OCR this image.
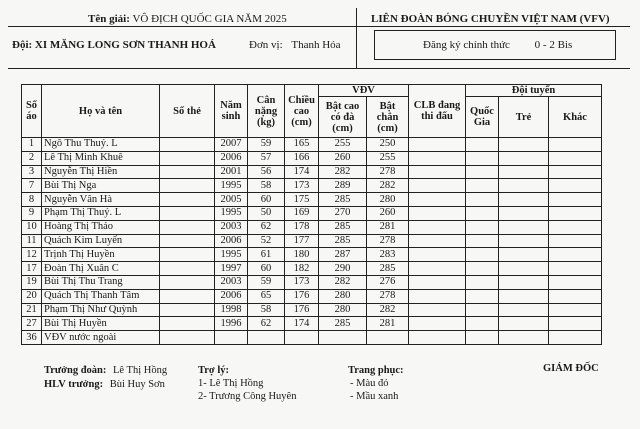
Tên giải: VÔ ĐỊCH QUỐC GIA NĂM 2025	LIÊN ĐOÀN BÓNG CHUYỀN VIỆT NAM (VFV)
Đội: XI MĂNG LONG SƠN THANH HOÁ	Đơn vị: Thanh Hóa	Đăng ký chính thức 0 - 2 Bis
Số áo	Họ và tên	Số thẻ	Năm sinh	Cân nặng (kg)	Chiều cao (cm)	VĐV		CLB đang thi đấu	Đội tuyển		
						Bật cao có đà (cm)	Bật chắn (cm)		Quốc Gia	Trẻ	Khác
1	Ngô Thu Thuỷ. L		2007	59	165	255	250				
2	Lê Thị Minh Khuê		2006	57	166	260	255				
3	Nguyễn Thị Hiền		2001	56	174	282	278				
7	Bùi Thị Nga		1995	58	173	289	282				
8	Nguyễn Vân Hà		2005	60	175	285	280				
9	Phạm Thị Thuý. L		1995	50	169	270	260				
10	Hoàng Thị Thảo		2003	62	178	285	281				
11	Quách Kim Luyến		2006	52	177	285	278				
12	Trịnh Thị Huyền		1995	61	180	287	283				
17	Đoàn Thị Xuân C		1997	60	182	290	285				
19	Bùi Thị Thu Trang		2003	59	173	282	276				
20	Quách Thị Thanh Tâm		2006	65	176	280	278				
21	Phạm Thị Như Quỳnh		1998	58	176	280	282				
27	Bùi Thị Huyền		1996	62	174	285	281				
36	VĐV nước ngoài										
Trưởng đoàn: Lê Thị Hồng
HLV trưởng: Bùi Huy Sơn
Trợ lý:
1- Lê Thị Hồng
2- Trương Công Huyên
Trang phục:
- Màu đỏ
- Mầu xanh
GIÁM ĐỐC
